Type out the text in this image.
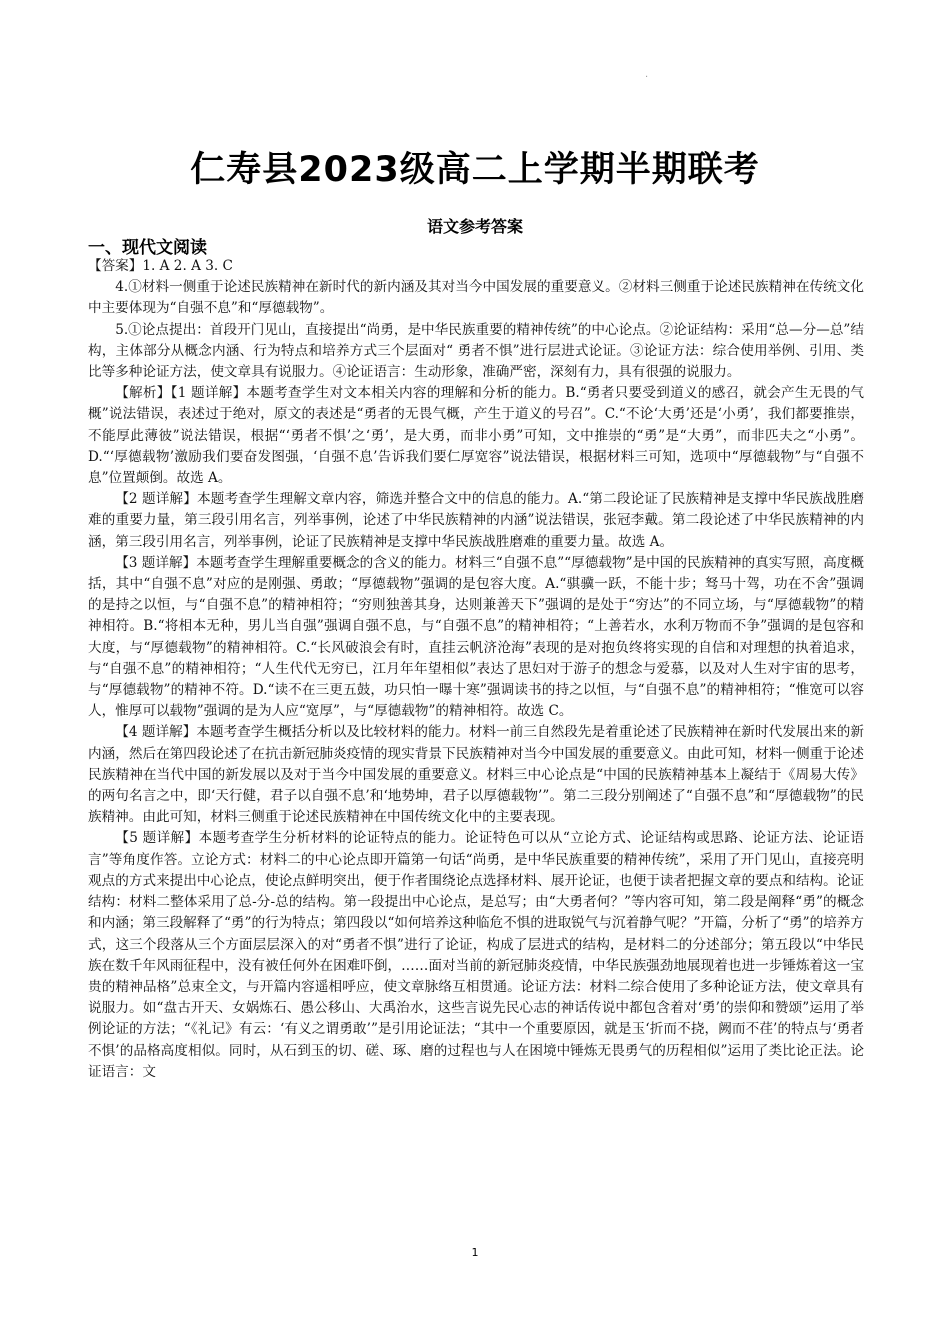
·
仁寿县2023级高二上学期半期联考
语文参考答案
一、现代文阅读

【答案】1. A 2. A 3. C

4.①材料一侧重于论述民族精神在新时代的新内涵及其对当今中国发展的重要意义。②材料三侧重于论述民族精神在传统文化中主要体现为“自强不息”和“厚德载物”。

5.①论点提出：首段开门见山，直接提出“尚勇，是中华民族重要的精神传统”的中心论点。②论证结构：采用“总—分—总”结构，主体部分从概念内涵、行为特点和培养方式三个层面对“ 勇者不惧”进行层进式论证。③论证方法：综合使用举例、引用、类比等多种论证方法，使文章具有说服力。④论证语言：生动形象，准确严密，深刻有力，具有很强的说服力。

【解析】【1 题详解】本题考查学生对文本相关内容的理解和分析的能力。B.“勇者只要受到道义的感召，就会产生无畏的气概”说法错误，表述过于绝对，原文的表述是“勇者的无畏气概，产生于道义的号召”。C.“不论‘大勇’还是‘小勇’，我们都要推崇，不能厚此薄彼”说法错误，根据“‘勇者不惧’之‘勇’，是大勇，而非小勇”可知，文中推崇的“勇”是“大勇”，而非匹夫之“小勇”。D.“‘厚德载物’激励我们要奋发图强，‘自强不息’告诉我们要仁厚宽容”说法错误，根据材料三可知，选项中“厚德载物”与“自强不息”位置颠倒。故选 A。

【2 题详解】本题考查学生理解文章内容，筛选并整合文中的信息的能力。A.“第二段论证了民族精神是支撑中华民族战胜磨难的重要力量，第三段引用名言，列举事例，论述了中华民族精神的内涵”说法错误，张冠李戴。第二段论述了中华民族精神的内涵，第三段引用名言，列举事例，论证了民族精神是支撑中华民族战胜磨难的重要力量。故选 A。

【3 题详解】本题考查学生理解重要概念的含义的能力。材料三“自强不息”“厚德载物”是中国的民族精神的真实写照，高度概括，其中“自强不息”对应的是刚强、勇敢；“厚德载物”强调的是包容大度。A.“骐骥一跃，不能十步；驽马十驾，功在不舍”强调的是持之以恒，与“自强不息”的精神相符；“穷则独善其身，达则兼善天下”强调的是处于“穷达”的不同立场，与“厚德载物”的精神相符。B.“将相本无种，男儿当自强”强调自强不息，与“自强不息”的精神相符；“上善若水，水利万物而不争”强调的是包容和大度，与“厚德载物”的精神相符。C.“长风破浪会有时，直挂云帆济沧海”表现的是对抱负终将实现的自信和对理想的执着追求，与“自强不息”的精神相符；“人生代代无穷已，江月年年望相似”表达了思妇对于游子的想念与爱慕，以及对人生对宇宙的思考，与“厚德载物”的精神不符。D.“读不在三更五鼓，功只怕一曝十寒”强调读书的持之以恒，与“自强不息”的精神相符；“惟宽可以容人，惟厚可以载物”强调的是为人应“宽厚”，与“厚德载物”的精神相符。故选 C。

【4 题详解】本题考查学生概括分析以及比较材料的能力。材料一前三自然段先是着重论述了民族精神在新时代发展出来的新内涵，然后在第四段论述了在抗击新冠肺炎疫情的现实背景下民族精神对当今中国发展的重要意义。由此可知，材料一侧重于论述民族精神在当代中国的新发展以及对于当今中国发展的重要意义。材料三中心论点是“中国的民族精神基本上凝结于《周易大传》的两句名言之中，即‘天行健，君子以自强不息’和‘地势坤，君子以厚德载物’”。第二三段分别阐述了“自强不息”和“厚德载物”的民族精神。由此可知，材料三侧重于论述民族精神在中国传统文化中的主要表现。

【5 题详解】本题考查学生分析材料的论证特点的能力。论证特色可以从“立论方式、论证结构或思路、论证方法、论证语言”等角度作答。立论方式：材料二的中心论点即开篇第一句话“尚勇，是中华民族重要的精神传统”，采用了开门见山，直接亮明观点的方式来提出中心论点，使论点鲜明突出，便于作者围绕论点选择材料、展开论证，也便于读者把握文章的要点和结构。论证结构：材料二整体采用了总-分-总的结构。第一段提出中心论点，是总写；由“大勇者何？”等内容可知，第二段是阐释“勇”的概念和内涵；第三段解释了“勇”的行为特点；第四段以“如何培养这种临危不惧的进取锐气与沉着静气呢？”开篇，分析了“勇”的培养方式，这三个段落从三个方面层层深入的对“勇者不惧”进行了论证，构成了层进式的结构，是材料二的分述部分；第五段以“中华民族在数千年风雨征程中，没有被任何外在困难吓倒，……面对当前的新冠肺炎疫情，中华民族强劲地展现着也进一步锤炼着这一宝贵的精神品格”总束全文，与开篇内容遥相呼应，使文章脉络互相贯通。论证方法：材料二综合使用了多种论证方法，使文章具有说服力。如“盘古开天、女娲炼石、愚公移山、大禹治水，这些言说先民心志的神话传说中都包含着对‘勇’的崇仰和赞颂”运用了举例论证的方法；“《礼记》有云：‘有义之谓勇敢’”是引用论证法；“其中一个重要原因，就是玉‘折而不挠，阙而不荏’的特点与‘勇者不惧’的品格高度相似。同时，从石到玉的切、磋、琢、磨的过程也与人在困境中锤炼无畏勇气的历程相似”运用了类比论正法。论证语言：文

1
